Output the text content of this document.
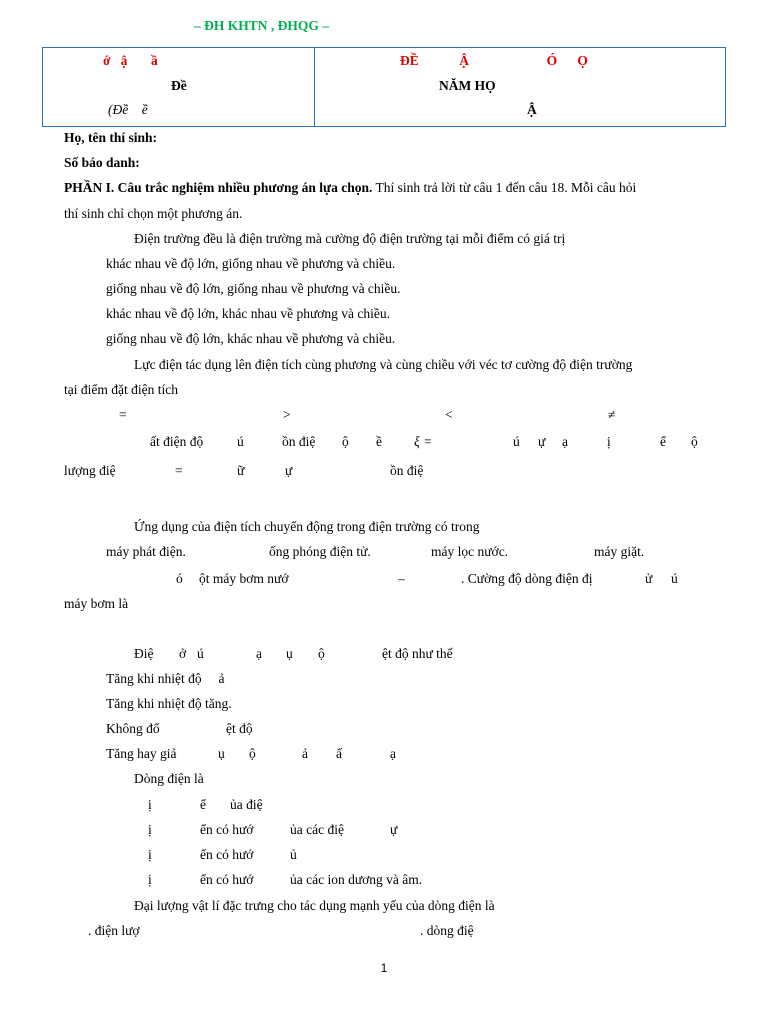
– ĐH KHTN , ĐHQG –
ớ   ậ       ầ
Đề
(Đề    ề
ĐỀ            Ậ                       Ó      Ọ
NĂM HỌ
Ậ
Họ, tên thí sinh:
Số báo danh:
PHẦN I. Câu trắc nghiệm nhiều phương án lựa chọn. Thí sinh trả lời từ câu 1 đến câu 18. Mỗi câu hỏi
thí sinh chỉ chọn một phương án.
Điện trường đều là điện trường mà cường độ điện trường tại mỗi điểm có giá trị
khác nhau về độ lớn, giống nhau về phương và chiều.
giống nhau về độ lớn, giống nhau về phương và chiều.
khác nhau về độ lớn, khác nhau về phương và chiều.
giống nhau về độ lớn, khác nhau về phương và chiều.
Lực điện tác dụng lên điện tích cùng phương và cùng chiều với véc tơ cường độ điện trường
tại điểm đặt điện tích
=	>	<	≠
ất điện độ	ú	ồn điệ ộ ề ξ =	ú ự ạ	ị	ể ộ
lượng điệ	=	ữ	ự	ồn điệ
Ứng dụng của điện tích chuyển động trong điện trường có trong
máy phát điện.	ống phóng điện tử.	máy lọc nước.	máy giặt.
ó ột máy bơm nướ	–	. Cường độ dòng điện đị	ử ú
máy bơm là
Điệ ở ú	ạ ụ ộ	ệt độ như thế
Tăng khi nhiệt độ     ả
Tăng khi nhiệt độ tăng.
Không đổ	ệt độ
Tăng hay giả	ụ ộ	ả ấ	ạ
Dòng điện là
ị	ể ủa điệ
ị	ển có hướ	ủa các điệ	ự
ị	ển có hướ	ủ
ị	ển có hướ	ủa các ion dương và âm.
Đại lượng vật lí đặc trưng cho tác dụng mạnh yếu của dòng điện là
. điện lượ	. dòng điệ
1
